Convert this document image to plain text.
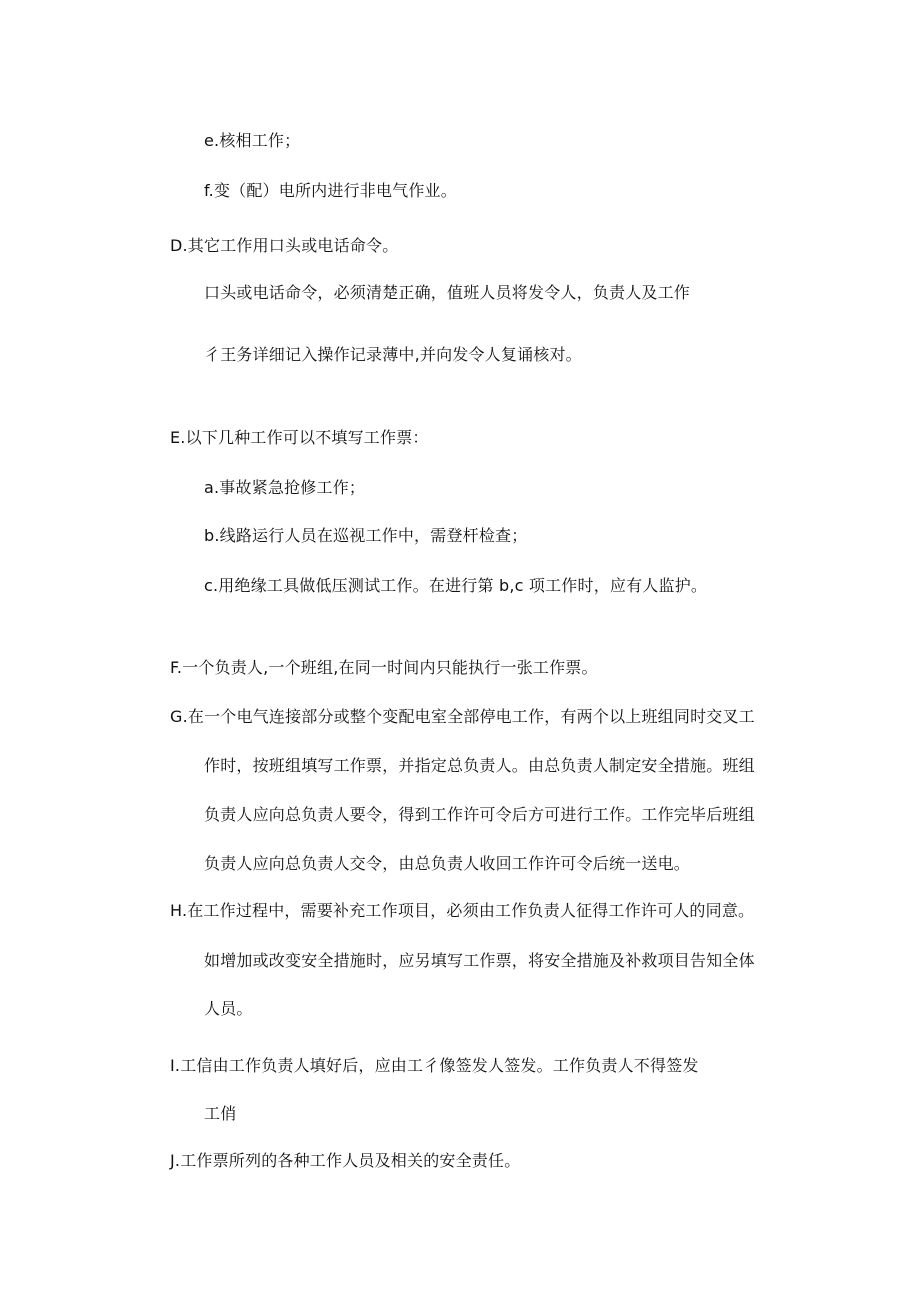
e.核相工作；
f.变（配）电所内进行非电气作业。
D.其它工作用口头或电话命令。
口头或电话命令，必须清楚正确，值班人员将发令人，负责人及工作
彳王务详细记入操作记录薄中,并向发令人复诵核对。
E.以下几种工作可以不填写工作票：
a.事故紧急抢修工作；
b.线路运行人员在巡视工作中，需登杆检查；
c.用绝缘工具做低压测试工作。在进行第 b,c 项工作时，应有人监护。
F.一个负责人,一个班组,在同一时间内只能执行一张工作票。
G.在一个电气连接部分或整个变配电室全部停电工作，有两个以上班组同时交叉工
作时，按班组填写工作票，并指定总负责人。由总负责人制定安全措施。班组
负责人应向总负责人要令，得到工作许可令后方可进行工作。工作完毕后班组
负责人应向总负责人交令，由总负责人收回工作许可令后统一送电。
H.在工作过程中，需要补充工作项目，必须由工作负责人征得工作许可人的同意。
如增加或改变安全措施时，应另填写工作票，将安全措施及补救项目告知全体
人员。
I.工信由工作负责人填好后，应由工彳像签发人签发。工作负责人不得签发
工俏
J.工作票所列的各种工作人员及相关的安全责任。
